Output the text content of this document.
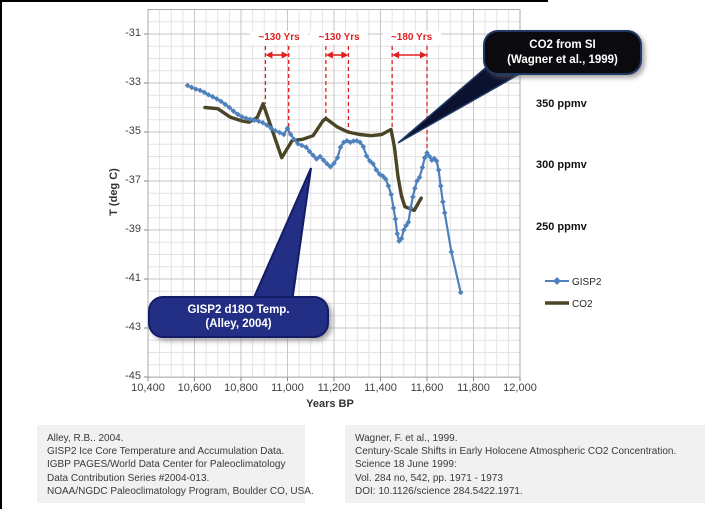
-31
-33
-35
-37
-39
-41
-43
-45
10,400	10,600	10,800	11,000	11,200	11,400	11,600	11,800	12,000
T (deg C)
Years BP
350 ppmv
300 ppmv
250 ppmv
~130 Yrs	~130 Yrs	~180 Yrs
CO2 from SI
(Wagner et al., 1999)
GISP2 d18O Temp.
(Alley, 2004)
GISP2
CO2
Alley, R.B.. 2004.
GISP2 Ice Core Temperature and Accumulation Data.
IGBP PAGES/World Data Center for Paleoclimatology
Data Contribution Series #2004-013.
NOAA/NGDC Paleoclimatology Program, Boulder CO, USA.
Wagner, F. et al., 1999.
Century-Scale Shifts in Early Holocene Atmospheric CO2 Concentration.
Science 18 June 1999:
Vol. 284 no, 542, pp. 1971 - 1973
DOI: 10.1126/science 284.5422.1971.
